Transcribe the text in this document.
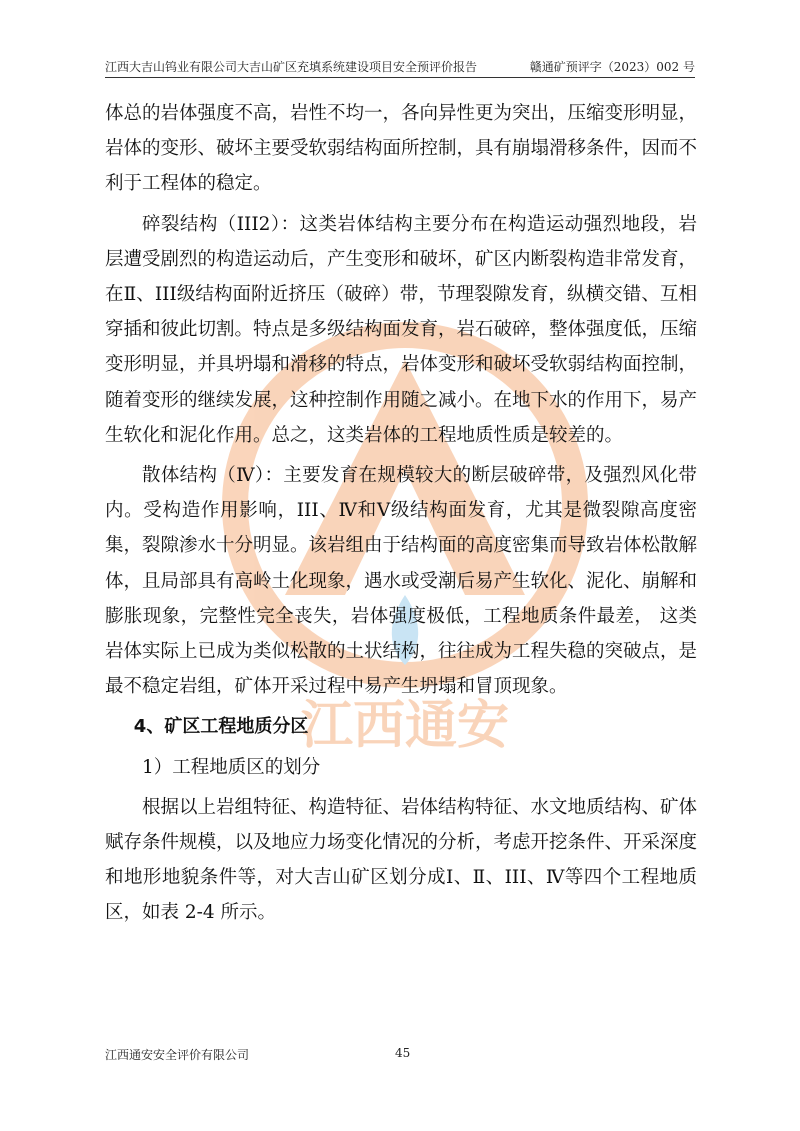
江西大吉山钨业有限公司大吉山矿区充填系统建设项目安全预评价报告	赣通矿预评字（2023）002 号
江西通安

体总的岩体强度不高，岩性不均一，各向异性更为突出，压缩变形明显，岩体的变形、破坏主要受软弱结构面所控制，具有崩塌滑移条件，因而不利于工程体的稳定。

碎裂结构（III2）：这类岩体结构主要分布在构造运动强烈地段，岩层遭受剧烈的构造运动后，产生变形和破坏，矿区内断裂构造非常发育，在Ⅱ、III级结构面附近挤压（破碎）带，节理裂隙发育，纵横交错、互相穿插和彼此切割。特点是多级结构面发育，岩石破碎，整体强度低，压缩变形明显，并具坍塌和滑移的特点，岩体变形和破坏受软弱结构面控制，随着变形的继续发展，这种控制作用随之减小。在地下水的作用下，易产生软化和泥化作用。总之，这类岩体的工程地质性质是较差的。

散体结构（Ⅳ）：主要发育在规模较大的断层破碎带，及强烈风化带内。受构造作用影响，III、Ⅳ和Ⅴ级结构面发育，尤其是微裂隙高度密集，裂隙渗水十分明显。该岩组由于结构面的高度密集而导致岩体松散解体，且局部具有高岭土化现象，遇水或受潮后易产生软化、泥化、崩解和膨胀现象，完整性完全丧失，岩体强度极低，工程地质条件最差， 这类岩体实际上已成为类似松散的土状结构，往往成为工程失稳的突破点，是最不稳定岩组，矿体开采过程中易产生坍塌和冒顶现象。

4、矿区工程地质分区

1）工程地质区的划分

根据以上岩组特征、构造特征、岩体结构特征、水文地质结构、矿体赋存条件规模，以及地应力场变化情况的分析，考虑开挖条件、开采深度和地形地貌条件等，对大吉山矿区划分成Ⅰ、Ⅱ、III、Ⅳ等四个工程地质区，如表 2-4 所示。

江西通安安全评价有限公司	45
